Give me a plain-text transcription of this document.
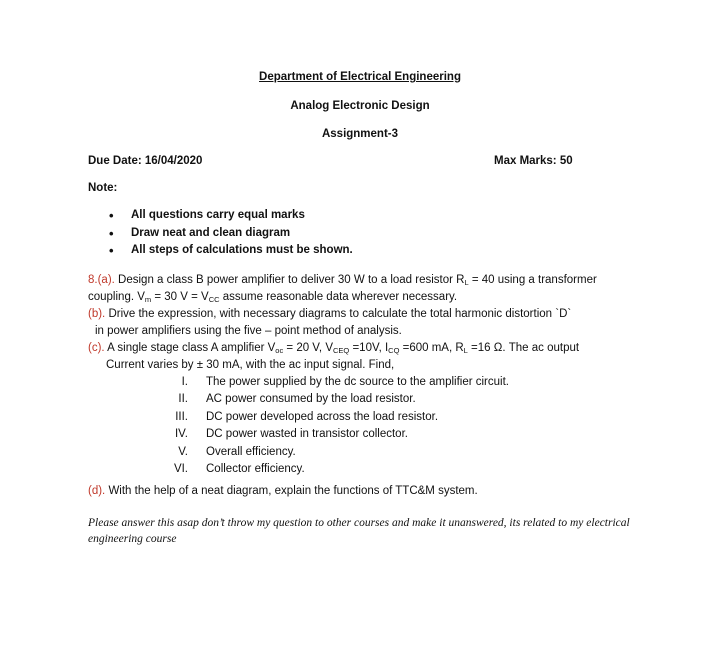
Department of Electrical Engineering
Analog Electronic Design
Assignment-3
Due Date: 16/04/2020	Max Marks: 50
Note:
• All questions carry equal marks
• Draw neat and clean diagram
• All steps of calculations must be shown.
8.(a). Design a class B power amplifier to deliver 30 W to a load resistor $R_L = 40$ using a transformer
coupling. $V_m = 30$ $V = V_{CC}$ assume reasonable data wherever necessary.
(b). Drive the expression, with necessary diagrams to calculate the total harmonic distortion `D`
in power amplifiers using the five – point method of analysis.
(c). A single stage class A amplifier $V_{oc} = 20$ V, $V_{CEQ} =10V$, $I_{CQ} =600$ mA, $R_L =16$ Ω. The ac output
Current varies by ± 30 mA, with the ac input signal. Find,
I. The power supplied by the dc source to the amplifier circuit.
II. AC power consumed by the load resistor.
III. DC power developed across the load resistor.
IV. DC power wasted in transistor collector.
V. Overall efficiency.
VI. Collector efficiency.
(d). With the help of a neat diagram, explain the functions of TTC&M system.
Please answer this asap don’t throw my question to other courses and make it unanswered, its related to my electrical engineering course
